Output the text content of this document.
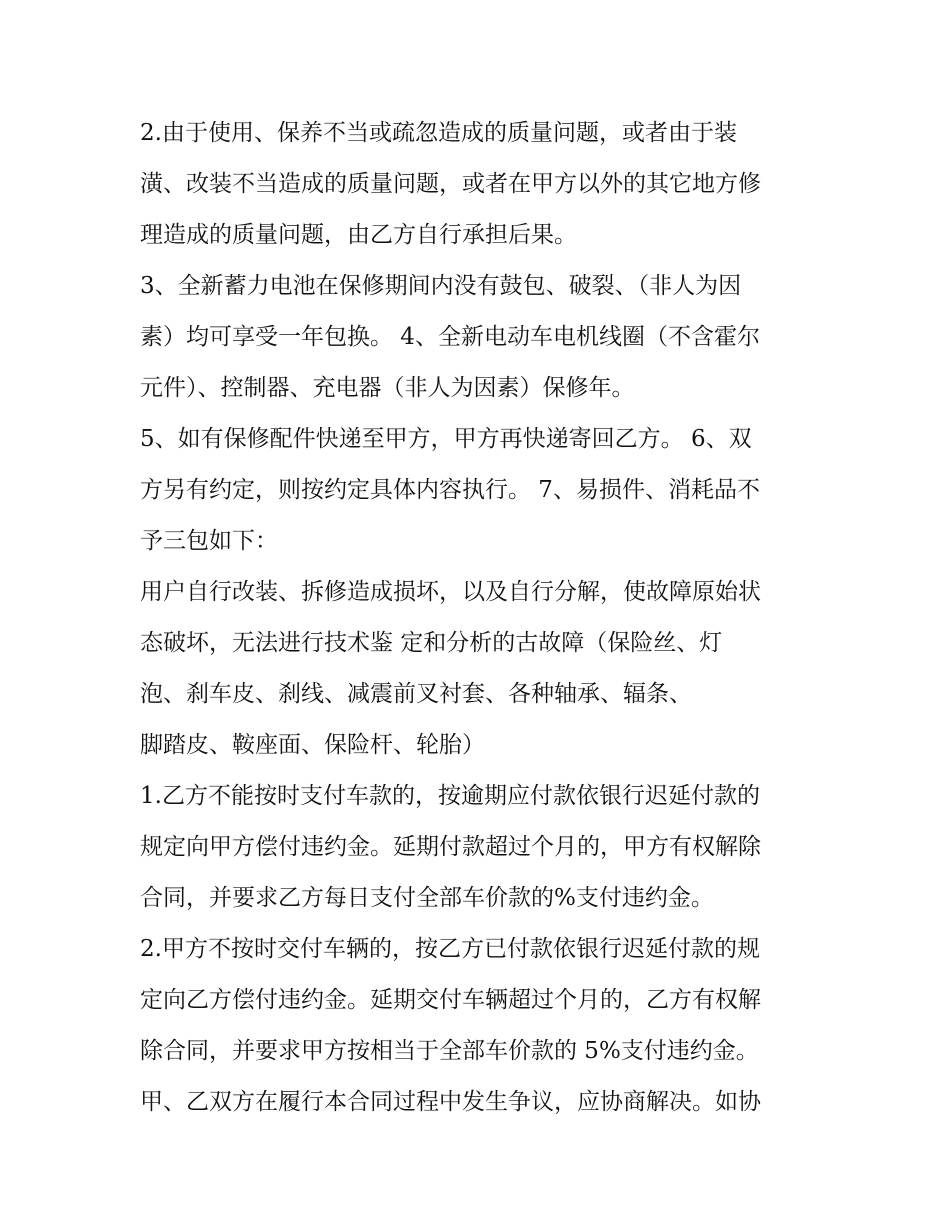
2.由于使用、保养不当或疏忽造成的质量问题，或者由于装
潢、改装不当造成的质量问题，或者在甲方以外的其它地方修
理造成的质量问题，由乙方自行承担后果。
3、全新蓄力电池在保修期间内没有鼓包、破裂、（非人为因
素）均可享受一年包换。 4、全新电动车电机线圈（不含霍尔
元件）、控制器、充电器（非人为因素）保修年。
5、如有保修配件快递至甲方，甲方再快递寄回乙方。 6、双
方另有约定，则按约定具体内容执行。 7、易损件、消耗品不
予三包如下：
用户自行改装、拆修造成损坏，以及自行分解，使故障原始状
态破坏，无法进行技术鉴 定和分析的古故障（保险丝、灯
泡、刹车皮、刹线、减震前叉衬套、各种轴承、辐条、
脚踏皮、鞍座面、保险杆、轮胎）
1.乙方不能按时支付车款的，按逾期应付款依银行迟延付款的
规定向甲方偿付违约金。延期付款超过个月的，甲方有权解除
合同，并要求乙方每日支付全部车价款的%支付违约金。
2.甲方不按时交付车辆的，按乙方已付款依银行迟延付款的规
定向乙方偿付违约金。延期交付车辆超过个月的，乙方有权解
除合同，并要求甲方按相当于全部车价款的 5%支付违约金。
甲、乙双方在履行本合同过程中发生争议，应协商解决。如协
